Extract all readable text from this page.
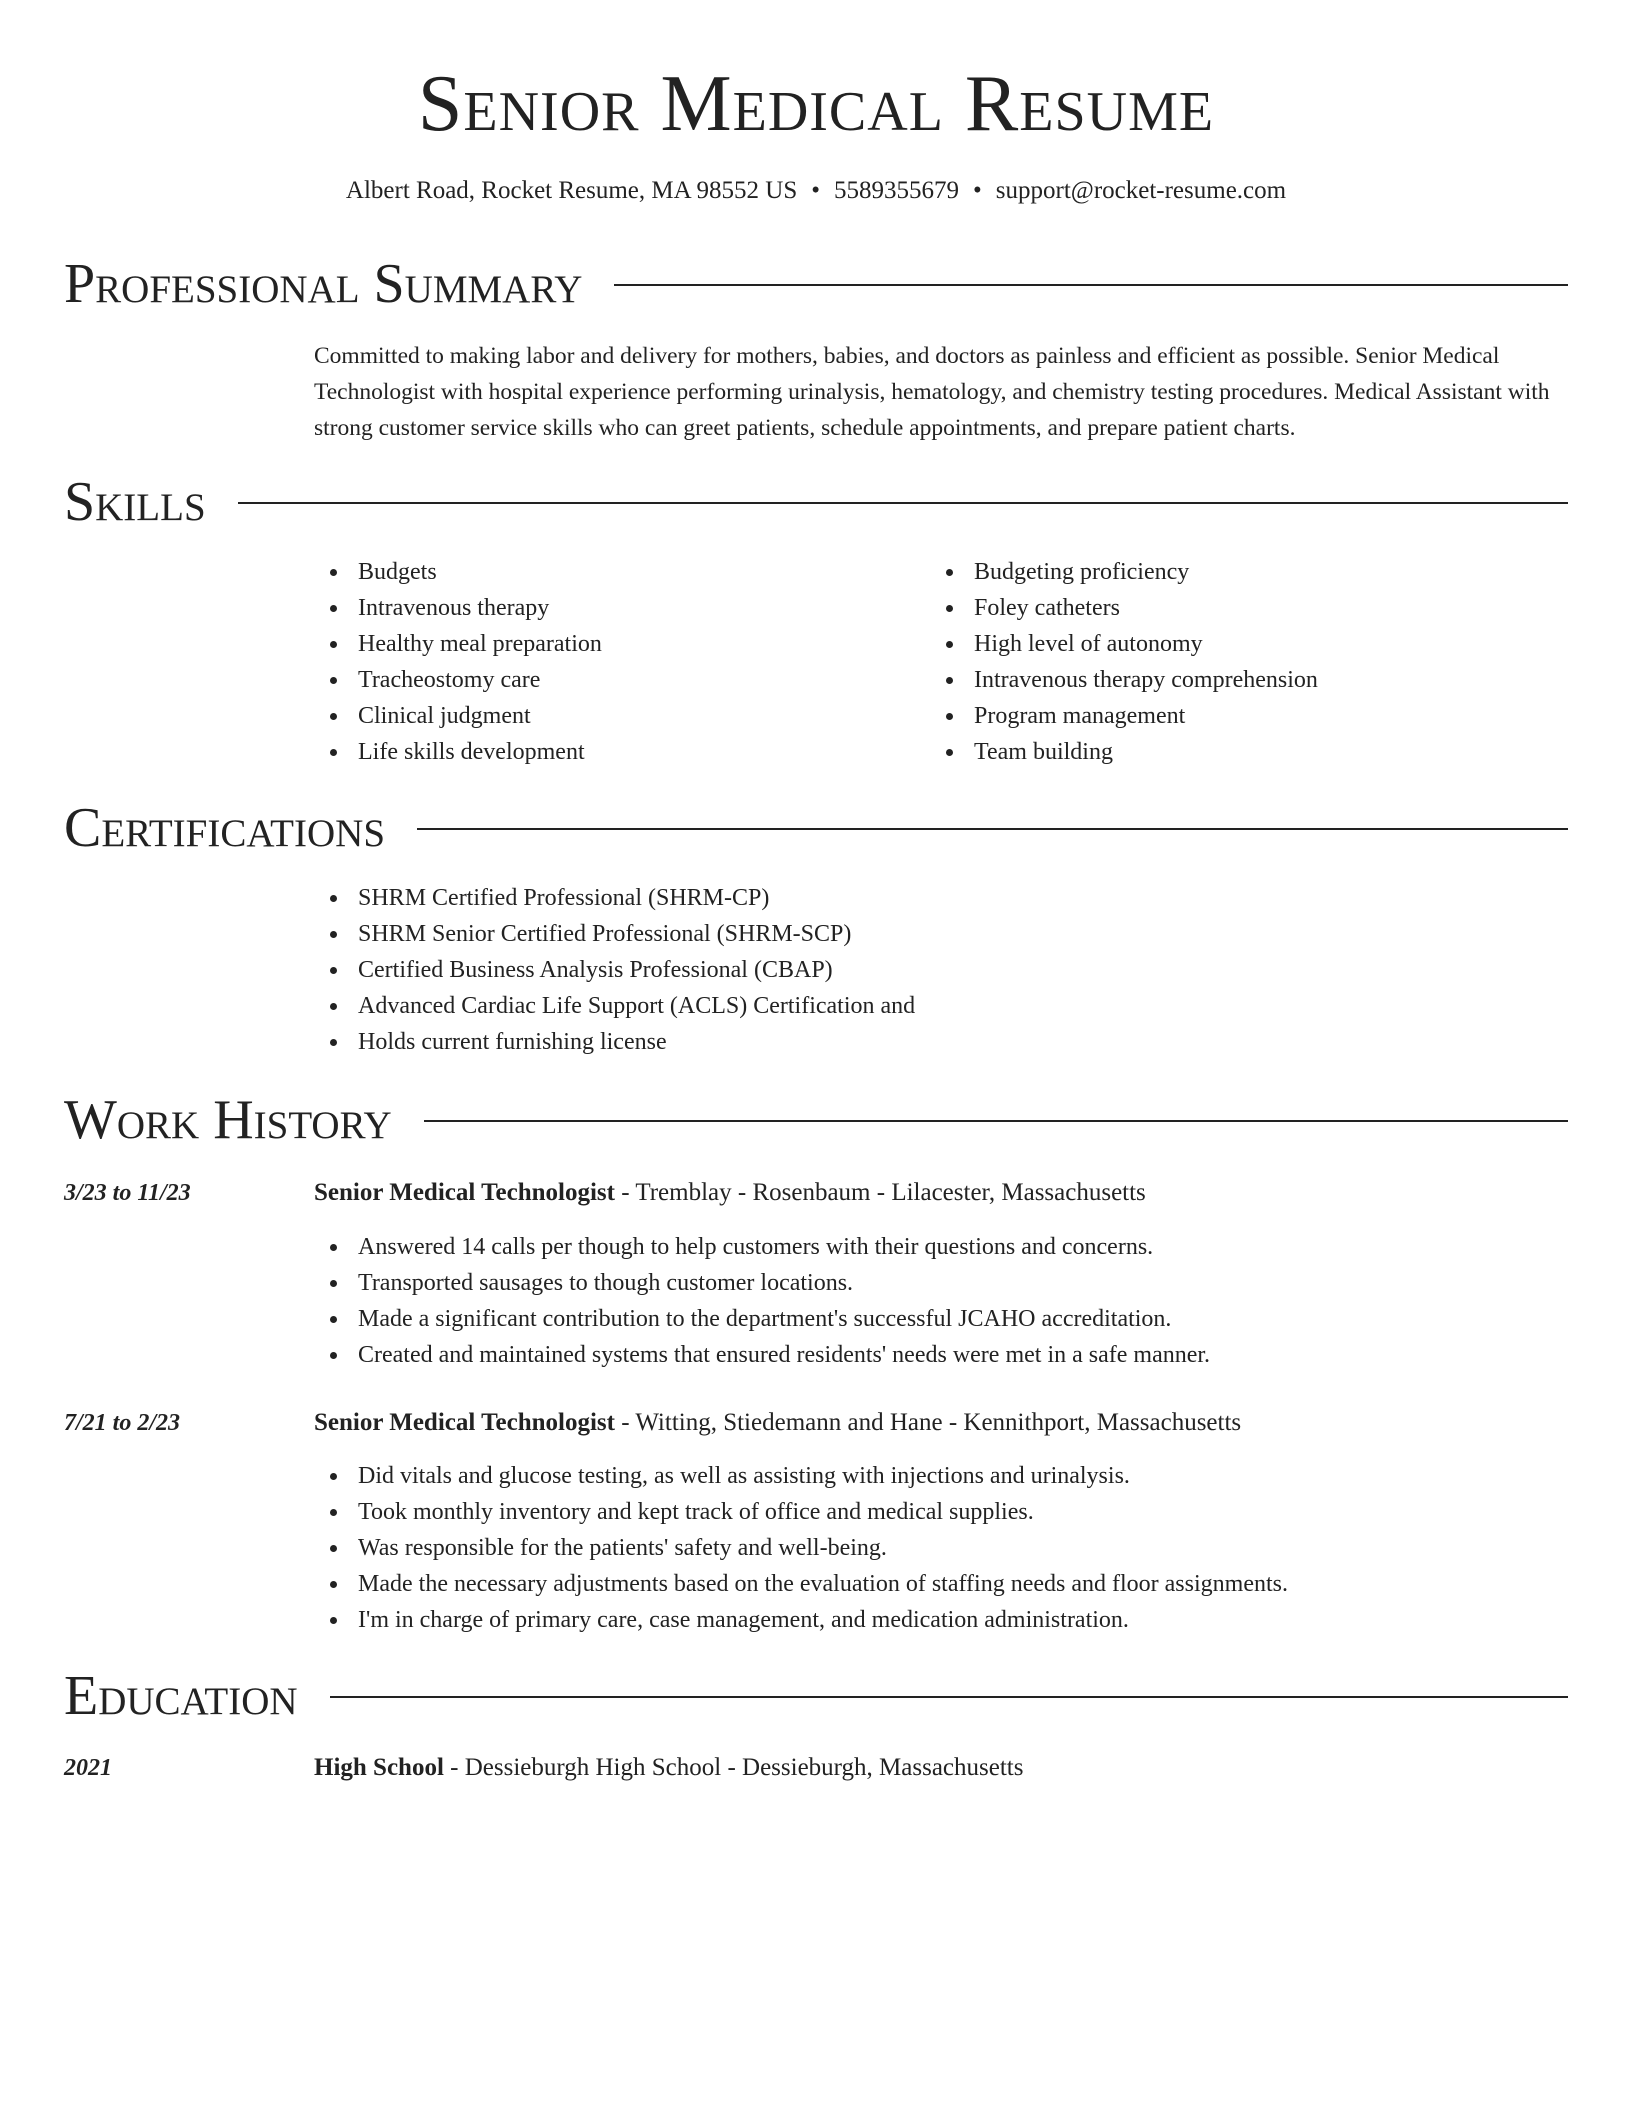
Senior Medical Resume
Albert Road, Rocket Resume, MA 98552 US • 5589355679 • support@rocket-resume.com
Professional Summary
Committed to making labor and delivery for mothers, babies, and doctors as painless and efficient as possible. Senior Medical Technologist with hospital experience performing urinalysis, hematology, and chemistry testing procedures. Medical Assistant with strong customer service skills who can greet patients, schedule appointments, and prepare patient charts.
Skills
Budgets
Intravenous therapy
Healthy meal preparation
Tracheostomy care
Clinical judgment
Life skills development
Budgeting proficiency
Foley catheters
High level of autonomy
Intravenous therapy comprehension
Program management
Team building
Certifications
SHRM Certified Professional (SHRM-CP)
SHRM Senior Certified Professional (SHRM-SCP)
Certified Business Analysis Professional (CBAP)
Advanced Cardiac Life Support (ACLS) Certification and
Holds current furnishing license
Work History
3/23 to 11/23	Senior Medical Technologist - Tremblay - Rosenbaum - Lilacester, Massachusetts
Answered 14 calls per though to help customers with their questions and concerns.
Transported sausages to though customer locations.
Made a significant contribution to the department's successful JCAHO accreditation.
Created and maintained systems that ensured residents' needs were met in a safe manner.
7/21 to 2/23	Senior Medical Technologist - Witting, Stiedemann and Hane - Kennithport, Massachusetts
Did vitals and glucose testing, as well as assisting with injections and urinalysis.
Took monthly inventory and kept track of office and medical supplies.
Was responsible for the patients' safety and well-being.
Made the necessary adjustments based on the evaluation of staffing needs and floor assignments.
I'm in charge of primary care, case management, and medication administration.
Education
2021	High School - Dessieburgh High School - Dessieburgh, Massachusetts
